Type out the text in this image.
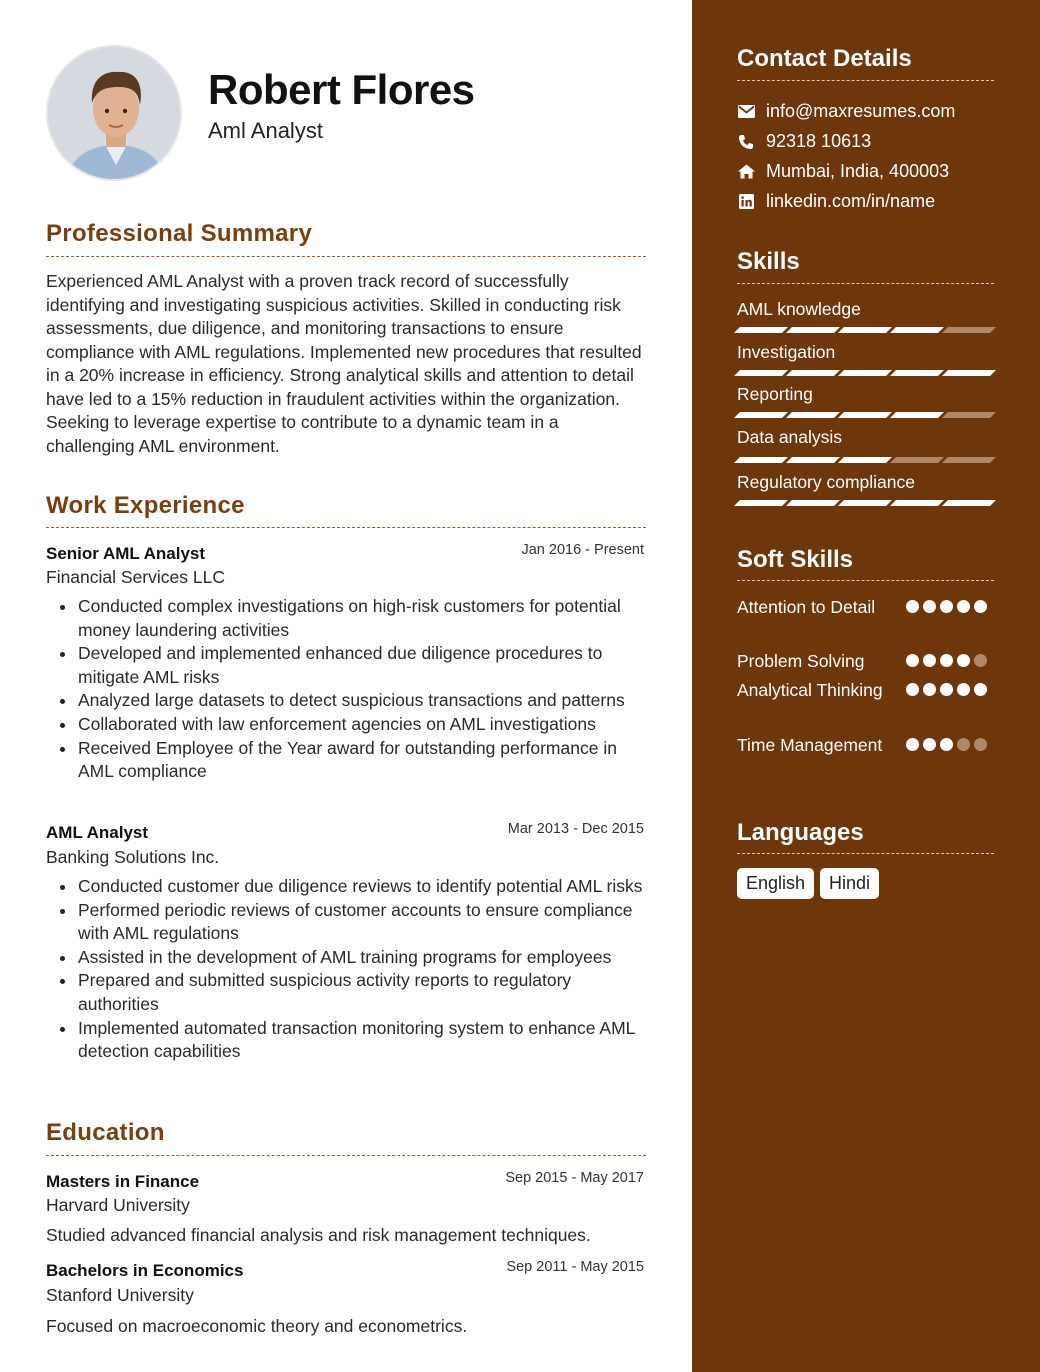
Robert Flores
Aml Analyst
Professional Summary
Experienced AML Analyst with a proven track record of successfully identifying and investigating suspicious activities. Skilled in conducting risk assessments, due diligence, and monitoring transactions to ensure compliance with AML regulations. Implemented new procedures that resulted in a 20% increase in efficiency. Strong analytical skills and attention to detail have led to a 15% reduction in fraudulent activities within the organization. Seeking to leverage expertise to contribute to a dynamic team in a challenging AML environment.
Work Experience
Senior AML Analyst	Jan 2016 - Present
Financial Services LLC
Conducted complex investigations on high-risk customers for potential money laundering activities
Developed and implemented enhanced due diligence procedures to mitigate AML risks
Analyzed large datasets to detect suspicious transactions and patterns
Collaborated with law enforcement agencies on AML investigations
Received Employee of the Year award for outstanding performance in AML compliance
AML Analyst	Mar 2013 - Dec 2015
Banking Solutions Inc.
Conducted customer due diligence reviews to identify potential AML risks
Performed periodic reviews of customer accounts to ensure compliance with AML regulations
Assisted in the development of AML training programs for employees
Prepared and submitted suspicious activity reports to regulatory authorities
Implemented automated transaction monitoring system to enhance AML detection capabilities
Education
Masters in Finance	Sep 2015 - May 2017
Harvard University
Studied advanced financial analysis and risk management techniques.
Bachelors in Economics	Sep 2011 - May 2015
Stanford University
Focused on macroeconomic theory and econometrics.
Contact Details
info@maxresumes.com
92318 10613
Mumbai, India, 400003
linkedin.com/in/name
Skills
AML knowledge
Investigation
Reporting
Data analysis
Regulatory compliance
Soft Skills
Attention to Detail
Problem Solving
Analytical Thinking
Time Management
Languages
English	Hindi
